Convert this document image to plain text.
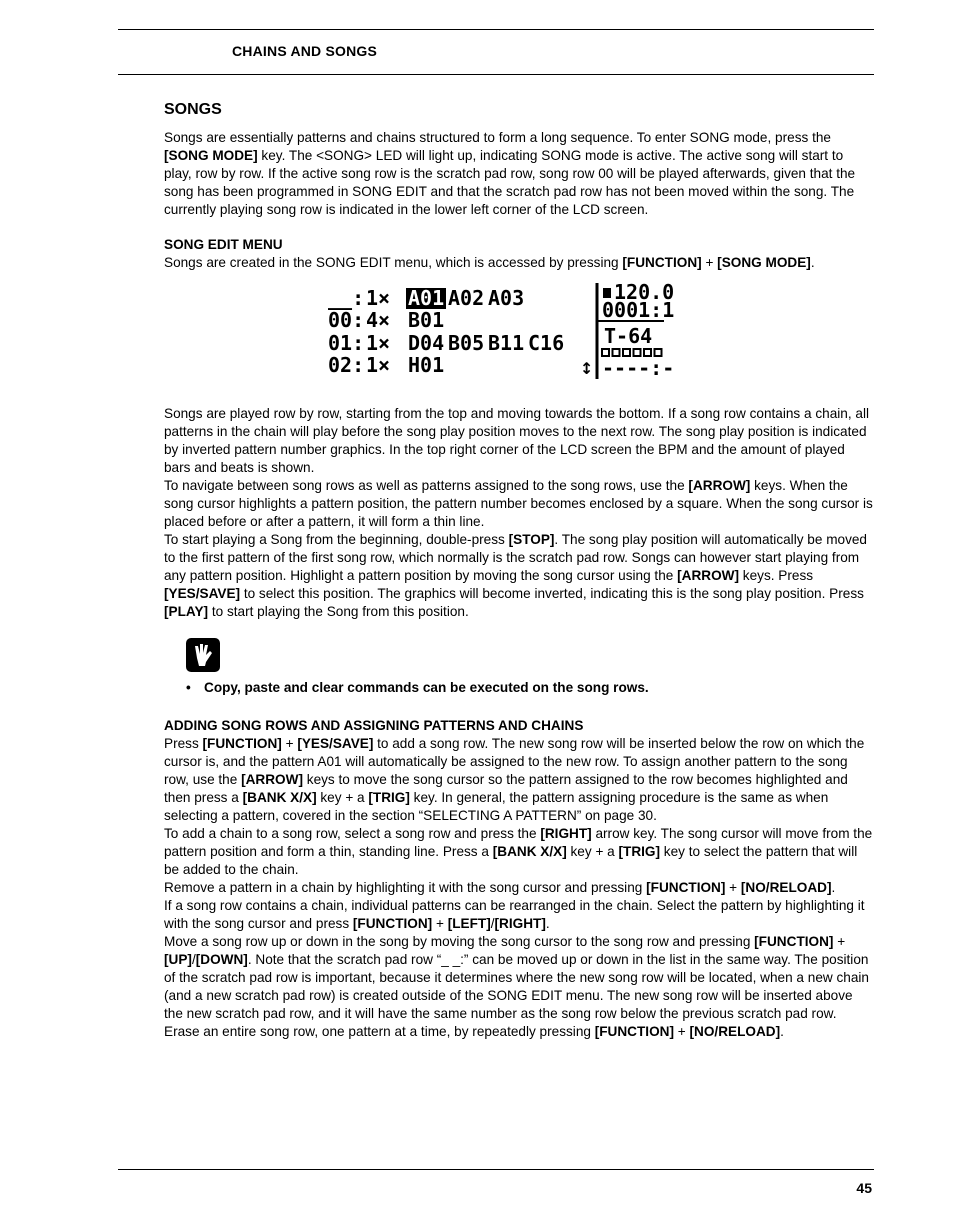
CHAINS AND SONGS
SONGS

Songs are essentially patterns and chains structured to form a long sequence. To enter SONG mode, press the [SONG MODE] key. The <SONG> LED will light up, indicating SONG mode is active. The active song will start to play, row by row. If the active song row is the scratch pad row, song row 00 will be played afterwards, given that the song has been programmed in SONG EDIT and that the scratch pad row has not been moved within the song. The currently playing song row is indicated in the lower left corner of the LCD screen.

SONG EDIT MENU

Songs are created in the SONG EDIT menu, which is accessed by pressing [FUNCTION] + [SONG MODE].

__: 1× A01 A02 A03
00: 4× B01
01: 1× D04 B05 B11 C16
02: 1× H01	↕
120.0
0001:1
T-64
----:-

Songs are played row by row, starting from the top and moving towards the bottom. If a song row contains a chain, all patterns in the chain will play before the song play position moves to the next row. The song play position is indicated by inverted pattern number graphics. In the top right corner of the LCD screen the BPM and the amount of played bars and beats is shown.

To navigate between song rows as well as patterns assigned to the song rows, use the [ARROW] keys. When the song cursor highlights a pattern position, the pattern number becomes enclosed by a square. When the song cursor is placed before or after a pattern, it will form a thin line.

To start playing a Song from the beginning, double-press [STOP]. The song play position will automatically be moved to the first pattern of the first song row, which normally is the scratch pad row. Songs can however start playing from any pattern position. Highlight a pattern position by moving the song cursor using the [ARROW] keys. Press [YES/SAVE] to select this position. The graphics will become inverted, indicating this is the song play position. Press [PLAY] to start playing the Song from this position.

• Copy, paste and clear commands can be executed on the song rows.
ADDING SONG ROWS AND ASSIGNING PATTERNS AND CHAINS

Press [FUNCTION] + [YES/SAVE] to add a song row. The new song row will be inserted below the row on which the cursor is, and the pattern A01 will automatically be assigned to the new row. To assign another pattern to the song row, use the [ARROW] keys to move the song cursor so the pattern assigned to the row becomes highlighted and then press a [BANK X/X] key + a [TRIG] key. In general, the pattern assigning procedure is the same as when selecting a pattern, covered in the section “SELECTING A PATTERN” on page 30.

To add a chain to a song row, select a song row and press the [RIGHT] arrow key. The song cursor will move from the pattern position and form a thin, standing line. Press a [BANK X/X] key + a [TRIG] key to select the pattern that will be added to the chain.

Remove a pattern in a chain by highlighting it with the song cursor and pressing [FUNCTION] + [NO/RELOAD].

If a song row contains a chain, individual patterns can be rearranged in the chain. Select the pattern by highlighting it with the song cursor and press [FUNCTION] + [LEFT]/[RIGHT].

Move a song row up or down in the song by moving the song cursor to the song row and pressing [FUNCTION] + [UP]/[DOWN]. Note that the scratch pad row “_ _:” can be moved up or down in the list in the same way. The position of the scratch pad row is important, because it determines where the new song row will be located, when a new chain (and a new scratch pad row) is created outside of the SONG EDIT menu. The new song row will be inserted above the new scratch pad row, and it will have the same number as the song row below the previous scratch pad row.

Erase an entire song row, one pattern at a time, by repeatedly pressing [FUNCTION] + [NO/RELOAD].

45
